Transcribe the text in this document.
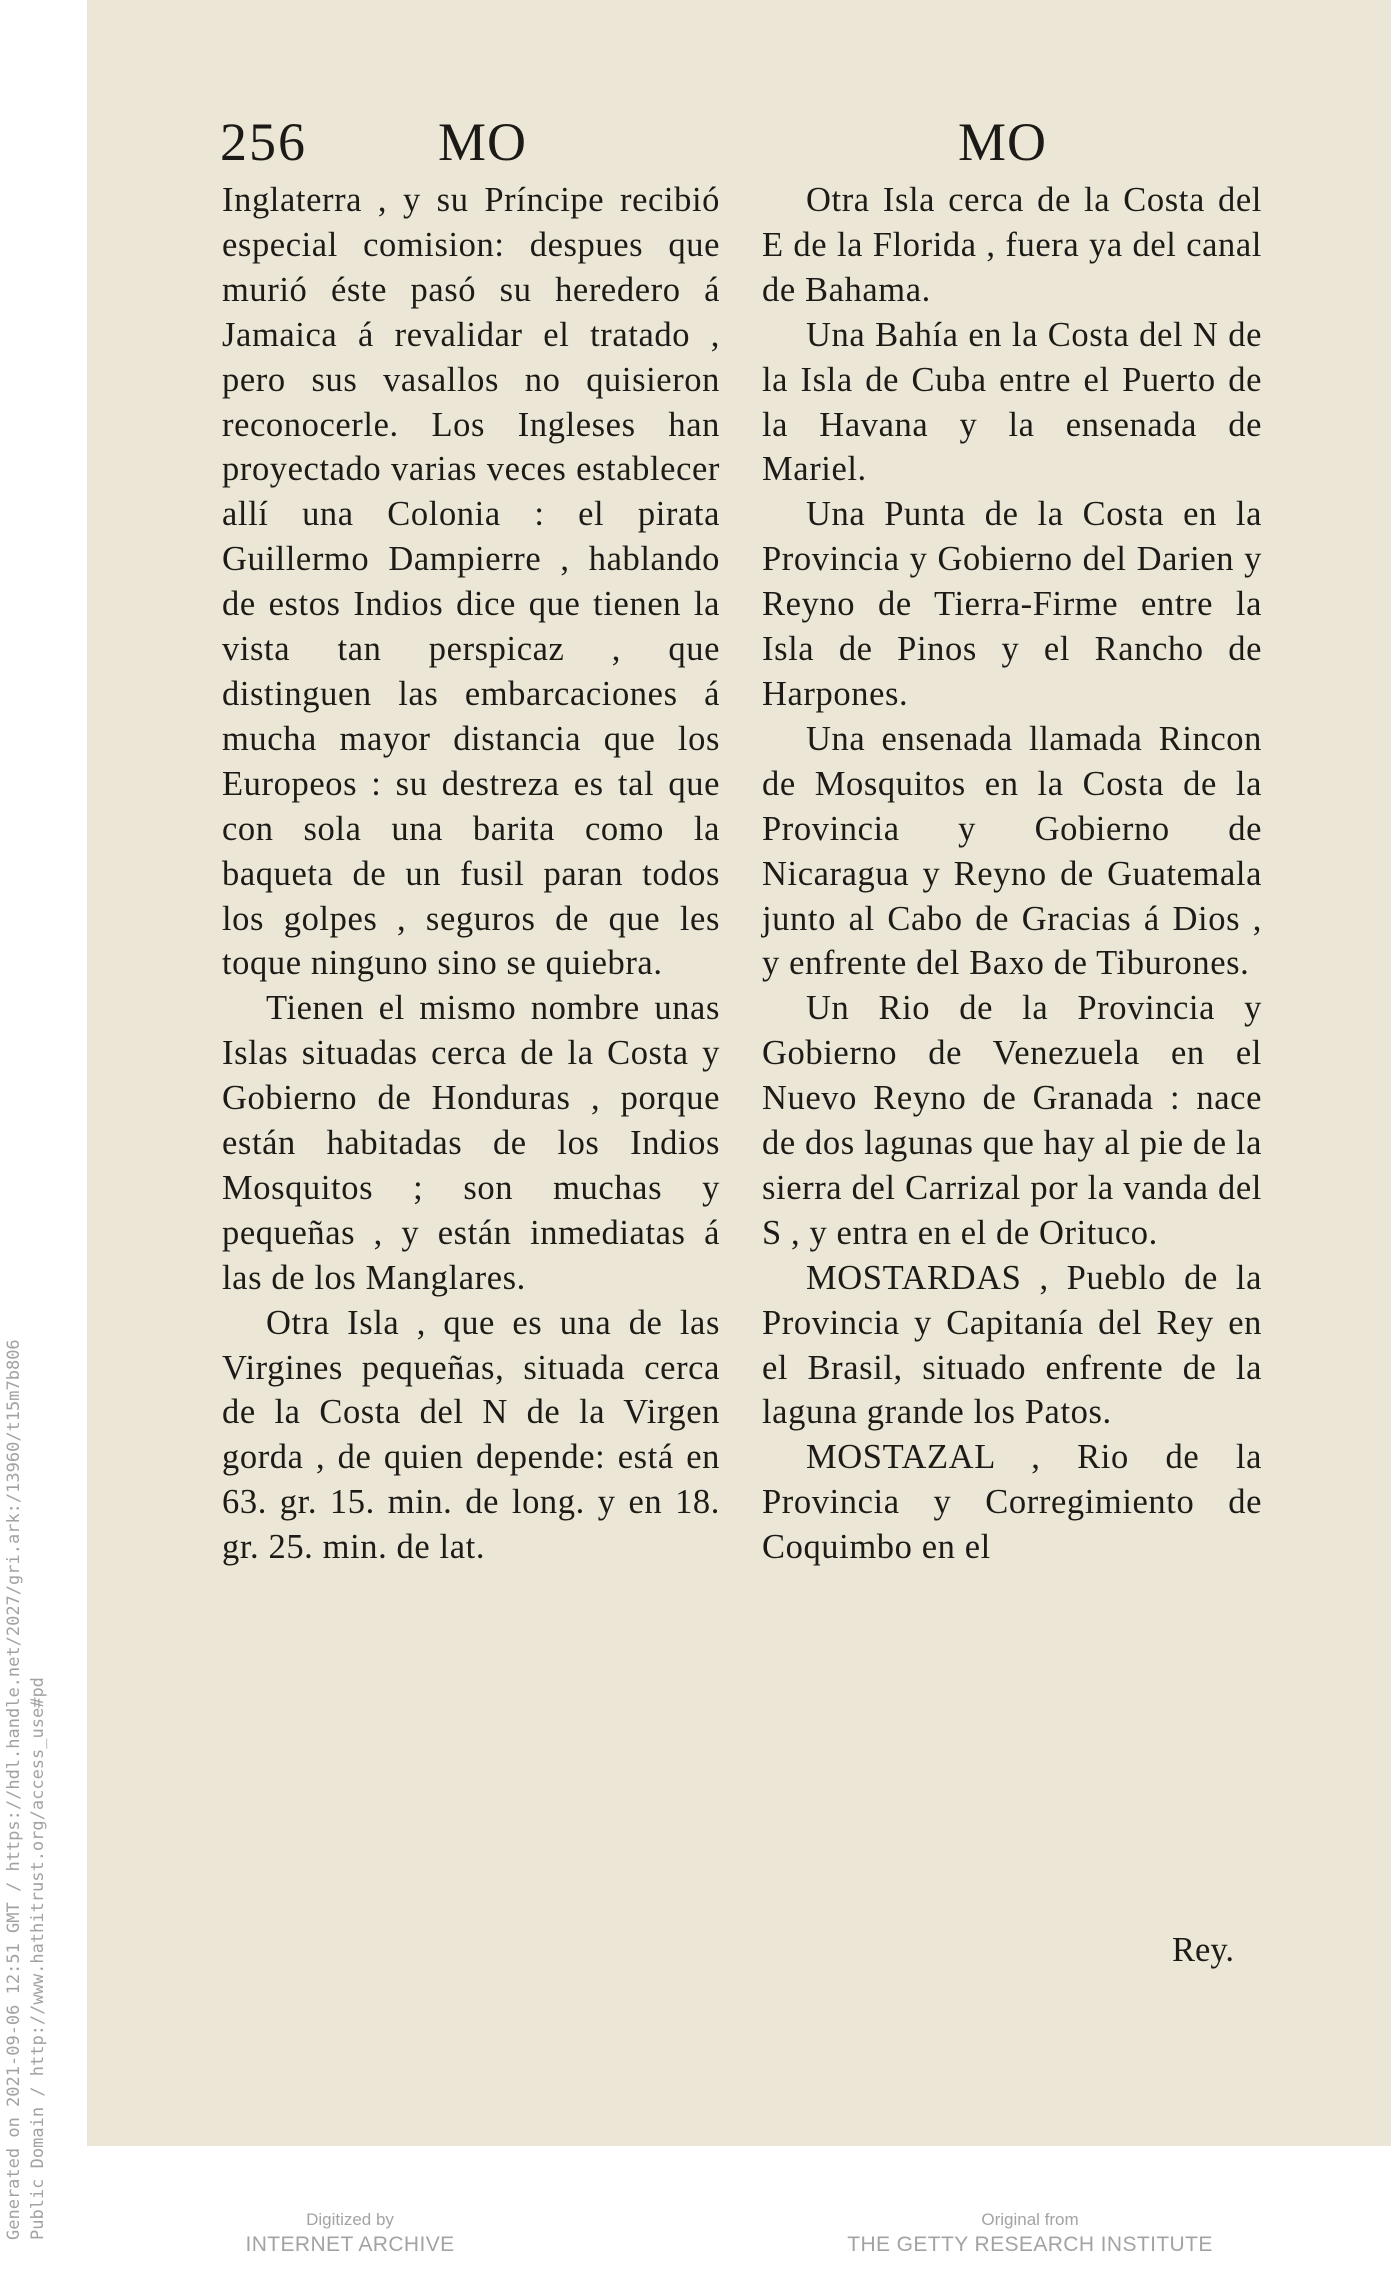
Generated on 2021-09-06 12:51 GMT / https://hdl.handle.net/2027/gri.ark:/13960/t15m7b806 Public Domain / http://www.hathitrust.org/access_use#pd
256 MO	MO

Inglaterra , y su Príncipe recibió especial comision: despues que murió éste pasó su heredero á Jamaica á revalidar el tratado , pero sus vasallos no quisieron reconocerle. Los Ingleses han proyectado varias veces establecer allí una Colonia : el pirata Guillermo Dampierre , hablando de estos Indios dice que tienen la vista tan perspicaz , que distinguen las embarcaciones á mucha mayor distancia que los Europeos : su destreza es tal que con sola una barita como la baqueta de un fusil paran todos los golpes , seguros de que les toque ninguno sino se quiebra.

Tienen el mismo nombre unas Islas situadas cerca de la Costa y Gobierno de Honduras , porque están habitadas de los Indios Mosquitos ; son muchas y pequeñas , y están inmediatas á las de los Manglares.

Otra Isla , que es una de las Virgines pequeñas, situada cerca de la Costa del N de la Virgen gorda , de quien depende: está en 63. gr. 15. min. de long. y en 18. gr. 25. min. de lat.

Otra Isla cerca de la Costa del E de la Florida , fuera ya del canal de Bahama.

Una Bahía en la Costa del N de la Isla de Cuba entre el Puerto de la Havana y la ensenada de Mariel.

Una Punta de la Costa en la Provincia y Gobierno del Darien y Reyno de Tierra-Firme entre la Isla de Pinos y el Rancho de Harpones.

Una ensenada llamada Rincon de Mosquitos en la Costa de la Provincia y Gobierno de Nicaragua y Reyno de Guatemala junto al Cabo de Gracias á Dios , y enfrente del Baxo de Tiburones.

Un Rio de la Provincia y Gobierno de Venezuela en el Nuevo Reyno de Granada : nace de dos lagunas que hay al pie de la sierra del Carrizal por la vanda del S , y entra en el de Orituco.

MOSTARDAS , Pueblo de la Provincia y Capitanía del Rey en el Brasil, situado enfrente de la laguna grande los Patos.

MOSTAZAL , Rio de la Provincia y Corregimiento de Coquimbo en el

Rey.
Digitized by
INTERNET ARCHIVE
Original from
THE GETTY RESEARCH INSTITUTE
